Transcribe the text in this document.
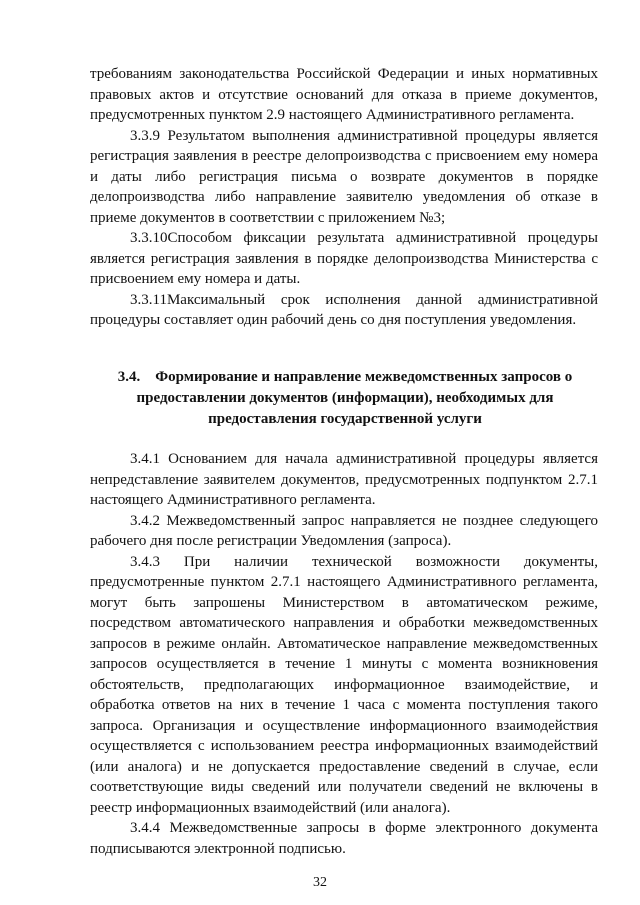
требованиям законодательства Российской Федерации и иных нормативных правовых актов и отсутствие оснований для отказа в приеме документов, предусмотренных пунктом 2.9 настоящего Административного регламента.

3.3.9 Результатом выполнения административной процедуры является регистрация заявления в реестре делопроизводства с присвоением ему номера и даты либо регистрация письма о возврате документов в порядке делопроизводства либо направление заявителю уведомления об отказе в приеме документов в соответствии с приложением №3;

3.3.10Способом фиксации результата административной процедуры является регистрация заявления в порядке делопроизводства Министерства с присвоением ему номера и даты.

3.3.11Максимальный срок исполнения данной административной процедуры составляет один рабочий день со дня поступления уведомления.

3.4.    Формирование и направление межведомственных запросов о

предоставлении документов (информации), необходимых для

предоставления государственной услуги

3.4.1 Основанием для начала административной процедуры является непредставление заявителем документов, предусмотренных подпунктом 2.7.1 настоящего Административного регламента.

3.4.2 Межведомственный запрос направляется не позднее следующего рабочего дня после регистрации Уведомления (запроса).

3.4.3 При наличии технической возможности документы, предусмотренные пунктом 2.7.1 настоящего Административного регламента, могут быть запрошены Министерством в автоматическом режиме, посредством автоматического направления и обработки межведомственных запросов в режиме онлайн. Автоматическое направление межведомственных запросов осуществляется в течение 1 минуты с момента возникновения обстоятельств, предполагающих информационное взаимодействие, и обработка ответов на них в течение 1 часа с момента поступления такого запроса. Организация и осуществление информационного взаимодействия осуществляется с использованием реестра информационных взаимодействий (или аналога) и не допускается предоставление сведений в случае, если соответствующие виды сведений или получатели сведений не включены в реестр информационных взаимодействий (или аналога).

3.4.4 Межведомственные запросы в форме электронного документа подписываются электронной подписью.

32
